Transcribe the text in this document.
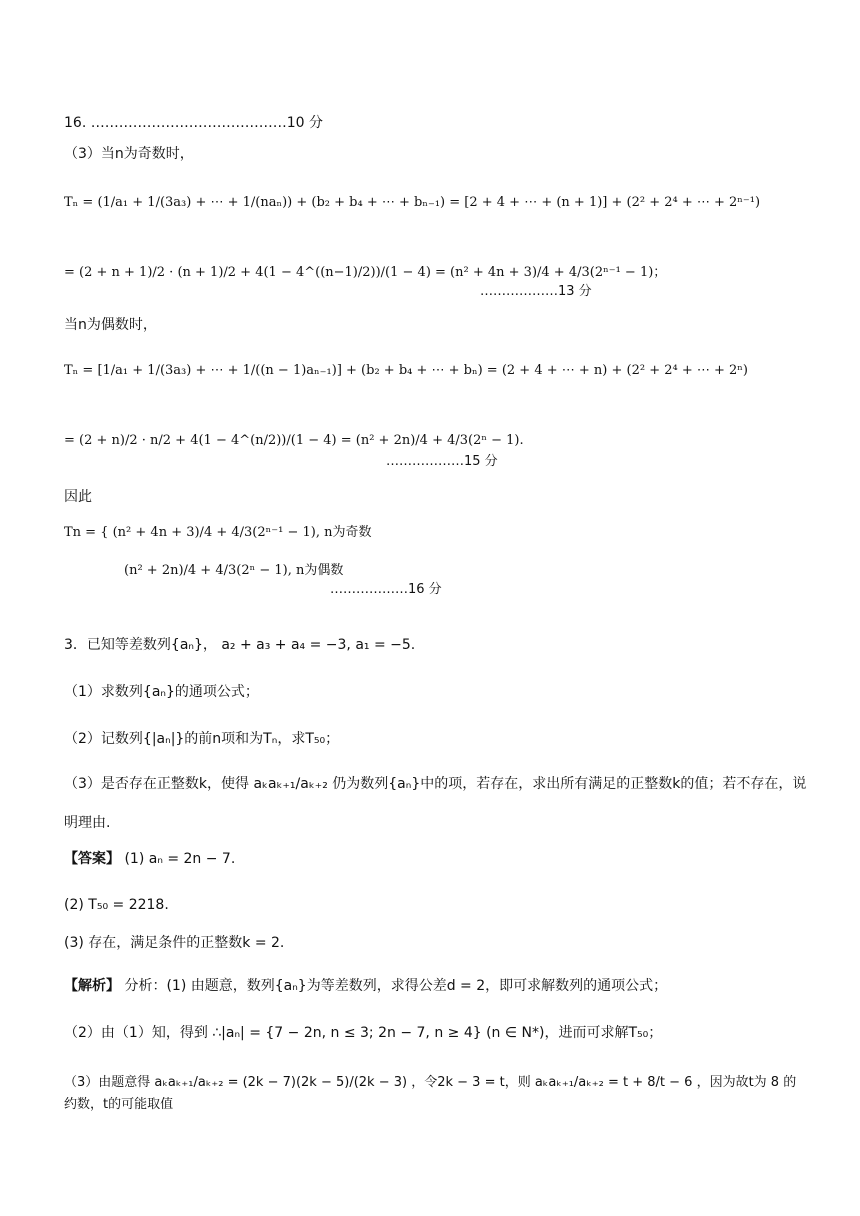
16. ……………………………………10 分
（3）当n为奇数时，
Tₙ = (1/a₁ + 1/(3a₃) + ⋯ + 1/(naₙ)) + (b₂ + b₄ + ⋯ + bₙ₋₁) = [2 + 4 + ⋯ + (n + 1)] + (2² + 2⁴ + ⋯ + 2ⁿ⁻¹)
= (2 + n + 1)/2 · (n + 1)/2 + 4(1 − 4^((n−1)/2))/(1 − 4) = (n² + 4n + 3)/4 + 4/3(2ⁿ⁻¹ − 1)；
………………13 分
当n为偶数时，
Tₙ = [1/a₁ + 1/(3a₃) + ⋯ + 1/((n − 1)aₙ₋₁)] + (b₂ + b₄ + ⋯ + bₙ) = (2 + 4 + ⋯ + n) + (2² + 2⁴ + ⋯ + 2ⁿ)
= (2 + n)/2 · n/2 + 4(1 − 4^(n/2))/(1 − 4) = (n² + 2n)/4 + 4/3(2ⁿ − 1).
………………15 分
因此
Tn = { (n² + 4n + 3)/4 + 4/3(2ⁿ⁻¹ − 1), n为奇数
(n² + 2n)/4 + 4/3(2ⁿ − 1), n为偶数
………………16 分
3．已知等差数列{aₙ}， a₂ + a₃ + a₄ = −3, a₁ = −5.
（1）求数列{aₙ}的通项公式；
（2）记数列{|aₙ|}的前n项和为Tₙ，求T₅₀；
（3）是否存在正整数k，使得 aₖaₖ₊₁/aₖ₊₂ 仍为数列{aₙ}中的项，若存在，求出所有满足的正整数k的值；若不存在，说
明理由.
【答案】 (1) aₙ = 2n − 7.
(2) T₅₀ = 2218.
(3) 存在，满足条件的正整数k = 2.
【解析】 分析：(1) 由题意，数列{aₙ}为等差数列，求得公差d = 2，即可求解数列的通项公式；
（2）由（1）知，得到 ∴|aₙ| = {7 − 2n, n ≤ 3; 2n − 7, n ≥ 4} (n ∈ N*)，进而可求解T₅₀；
（3）由题意得 aₖaₖ₊₁/aₖ₊₂ = (2k − 7)(2k − 5)/(2k − 3) ，令2k − 3 = t，则 aₖaₖ₊₁/aₖ₊₂ = t + 8/t − 6 ，因为故t为 8 的约数，t的可能取值
